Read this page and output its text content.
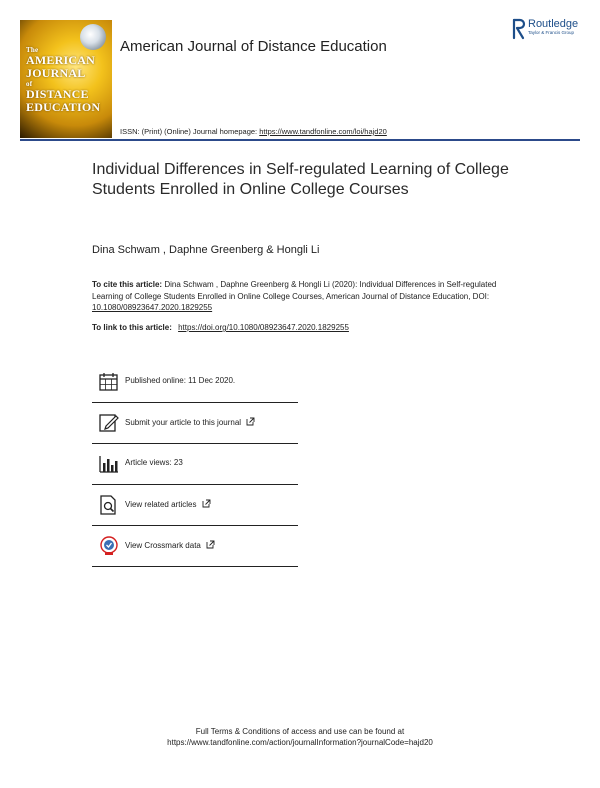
The
AMERICAN
JOURNAL
of
DISTANCE
EDUCATION
American Journal of Distance Education
Routledge
Taylor & Francis Group
ISSN: (Print) (Online) Journal homepage: https://www.tandfonline.com/loi/hajd20
Individual Differences in Self-regulated Learning of College Students Enrolled in Online College Courses
Dina Schwam , Daphne Greenberg & Hongli Li
To cite this article: Dina Schwam , Daphne Greenberg & Hongli Li (2020): Individual Differences in Self-regulated Learning of College Students Enrolled in Online College Courses, American Journal of Distance Education, DOI: 10.1080/08923647.2020.1829255
To link to this article: https://doi.org/10.1080/08923647.2020.1829255
Published online: 11 Dec 2020.
Submit your article to this journal
Article views: 23
View related articles
View Crossmark data
Full Terms & Conditions of access and use can be found at
https://www.tandfonline.com/action/journalInformation?journalCode=hajd20
